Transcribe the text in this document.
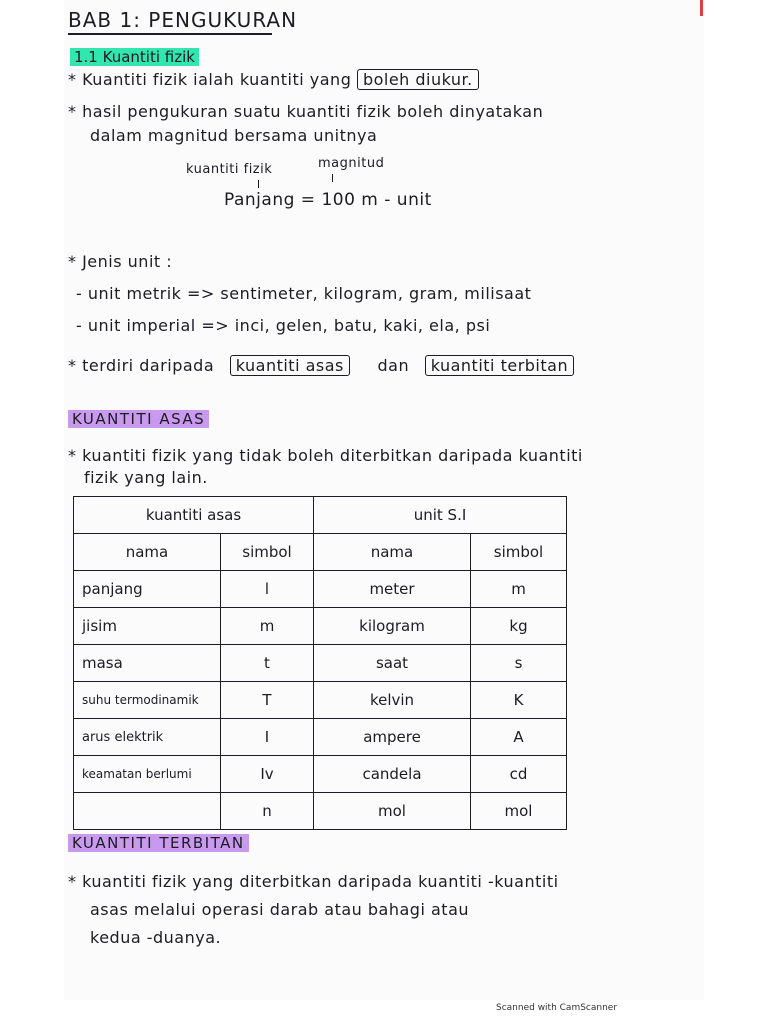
BAB 1: PENGUKURAN
1.1 Kuantiti fizik
* Kuantiti fizik ialah kuantiti yang boleh diukur.
* hasil pengukuran suatu kuantiti fizik boleh dinyatakan
dalam magnitud bersama unitnya
kuantiti fizik	magnitud
Panjang = 100 m - unit
* Jenis unit :
- unit metrik => sentimeter, kilogram, gram, milisaat
- unit imperial => inci, gelen, batu, kaki, ela, psi
* terdiri daripada kuantiti asas dan kuantiti terbitan
KUANTITI ASAS
* kuantiti fizik yang tidak boleh diterbitkan daripada kuantiti
fizik yang lain.
kuantiti asas		unit S.I	
nama	simbol	nama	simbol
panjang	l	meter	m
jisim	m	kilogram	kg
masa	t	saat	s
suhu termodinamik	T	kelvin	K
arus elektrik	I	ampere	A
keamatan berlumi	Iv	candela	cd
	n	mol	mol
KUANTITI TERBITAN
* kuantiti fizik yang diterbitkan daripada kuantiti -kuantiti
asas melalui operasi darab atau bahagi atau
kedua -duanya.
Scanned with CamScanner
